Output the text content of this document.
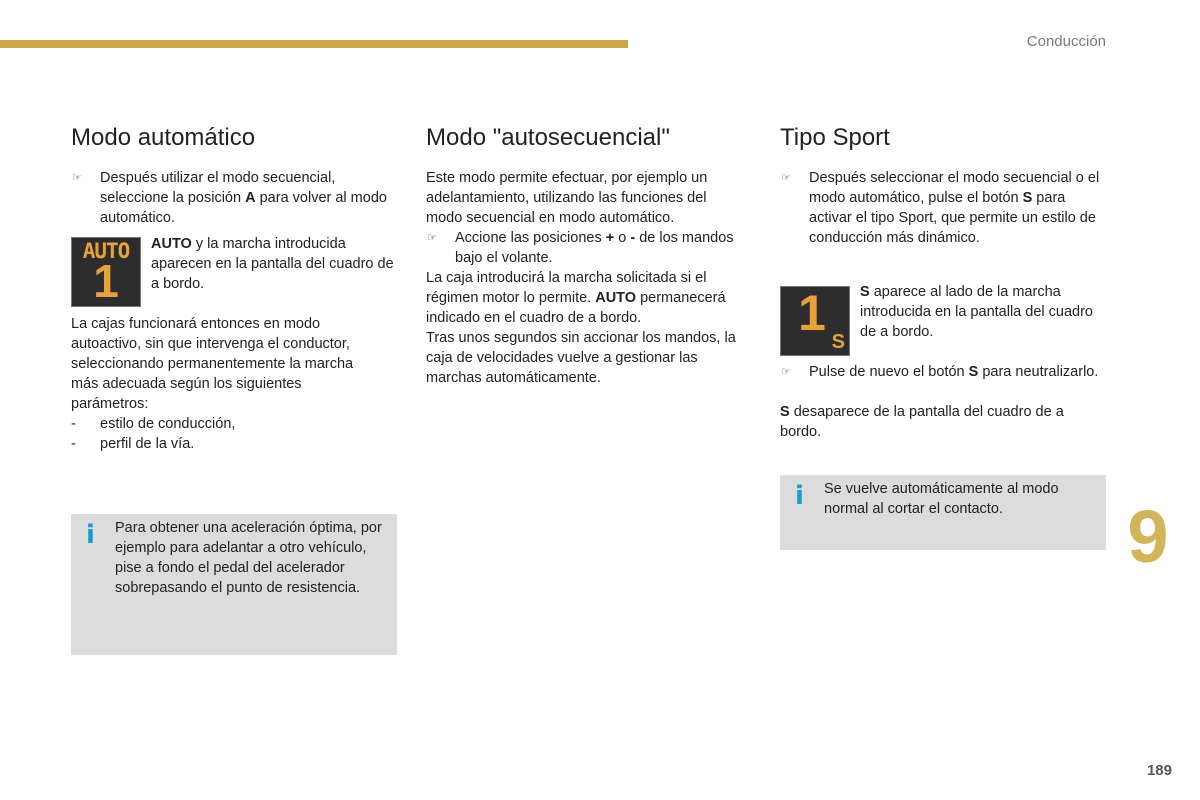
Conducción
9
189
Modo automático

☞ Después utilizar el modo secuencial, seleccione la posición A para volver al modo automático.

AUTO
1

AUTO y la marcha introducida aparecen en la pantalla del cuadro de a bordo.

La cajas funcionará entonces en modo autoactivo, sin que intervenga el conductor, seleccionando permanentemente la marcha más adecuada según los siguientes parámetros:

- estilo de conducción,

- perfil de la vía.

i Para obtener una aceleración óptima, por ejemplo para adelantar a otro vehículo, pise a fondo el pedal del acelerador sobrepasando el punto de resistencia.

Modo "autosecuencial"

Este modo permite efectuar, por ejemplo un adelantamiento, utilizando las funciones del modo secuencial en modo automático.

☞ Accione las posiciones + o - de los mandos bajo el volante.

La caja introducirá la marcha solicitada si el régimen motor lo permite. AUTO permanecerá indicado en el cuadro de a bordo.

Tras unos segundos sin accionar los mandos, la caja de velocidades vuelve a gestionar las marchas automáticamente.

Tipo Sport

☞ Después seleccionar el modo secuencial o el modo automático, pulse el botón S para activar el tipo Sport, que permite un estilo de conducción más dinámico.

1
S

S aparece al lado de la marcha introducida en la pantalla del cuadro de a bordo.

☞ Pulse de nuevo el botón S para neutralizarlo.

S desaparece de la pantalla del cuadro de a bordo.

i Se vuelve automáticamente al modo normal al cortar el contacto.
